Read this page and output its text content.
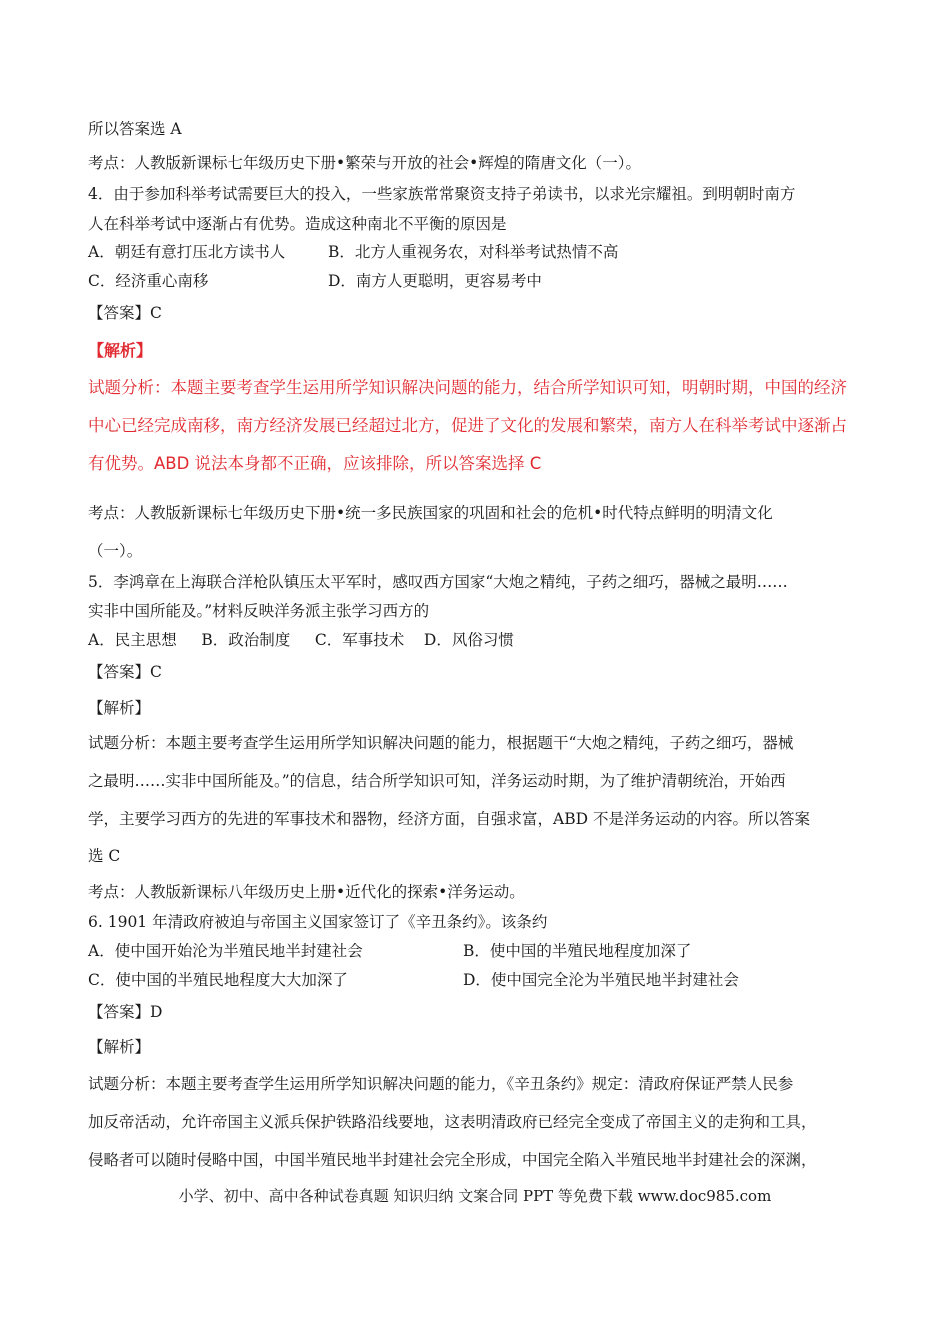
所以答案选 A
考点：人教版新课标七年级历史下册•繁荣与开放的社会•辉煌的隋唐文化（一）。
4．由于参加科举考试需要巨大的投入，一些家族常常聚资支持子弟读书，以求光宗耀祖。到明朝时南方
人在科举考试中逐渐占有优势。造成这种南北不平衡的原因是
A．朝廷有意打压北方读书人	B．北方人重视务农，对科举考试热情不高
C．经济重心南移	D．南方人更聪明，更容易考中
【答案】C
【解析】
试题分析：本题主要考查学生运用所学知识解决问题的能力，结合所学知识可知，明朝时期，中国的经济
中心已经完成南移，南方经济发展已经超过北方，促进了文化的发展和繁荣，南方人在科举考试中逐渐占
有优势。ABD 说法本身都不正确，应该排除，所以答案选择 C
考点：人教版新课标七年级历史下册•统一多民族国家的巩固和社会的危机•时代特点鲜明的明清文化
（一）。
5．李鸿章在上海联合洋枪队镇压太平军时，感叹西方国家“大炮之精纯，子药之细巧，器械之最明……
实非中国所能及。”材料反映洋务派主张学习西方的
A．民主思想     B．政治制度     C．军事技术    D．风俗习惯
【答案】C
【解析】
试题分析：本题主要考查学生运用所学知识解决问题的能力，根据题干“大炮之精纯，子药之细巧，器械
之最明……实非中国所能及。”的信息，结合所学知识可知，洋务运动时期，为了维护清朝统治，开始西
学，主要学习西方的先进的军事技术和器物，经济方面，自强求富，ABD 不是洋务运动的内容。所以答案
选 C
考点：人教版新课标八年级历史上册•近代化的探索•洋务运动。
6. 1901 年清政府被迫与帝国主义国家签订了《辛丑条约》。该条约
A．使中国开始沦为半殖民地半封建社会	B．使中国的半殖民地程度加深了
C．使中国的半殖民地程度大大加深了	D．使中国完全沦为半殖民地半封建社会
【答案】D
【解析】
试题分析：本题主要考查学生运用所学知识解决问题的能力，《辛丑条约》规定：清政府保证严禁人民参
加反帝活动，允许帝国主义派兵保护铁路沿线要地，这表明清政府已经完全变成了帝国主义的走狗和工具，
侵略者可以随时侵略中国，中国半殖民地半封建社会完全形成，中国完全陷入半殖民地半封建社会的深渊，
小学、初中、高中各种试卷真题 知识归纳 文案合同 PPT 等免费下载 www.doc985.com
